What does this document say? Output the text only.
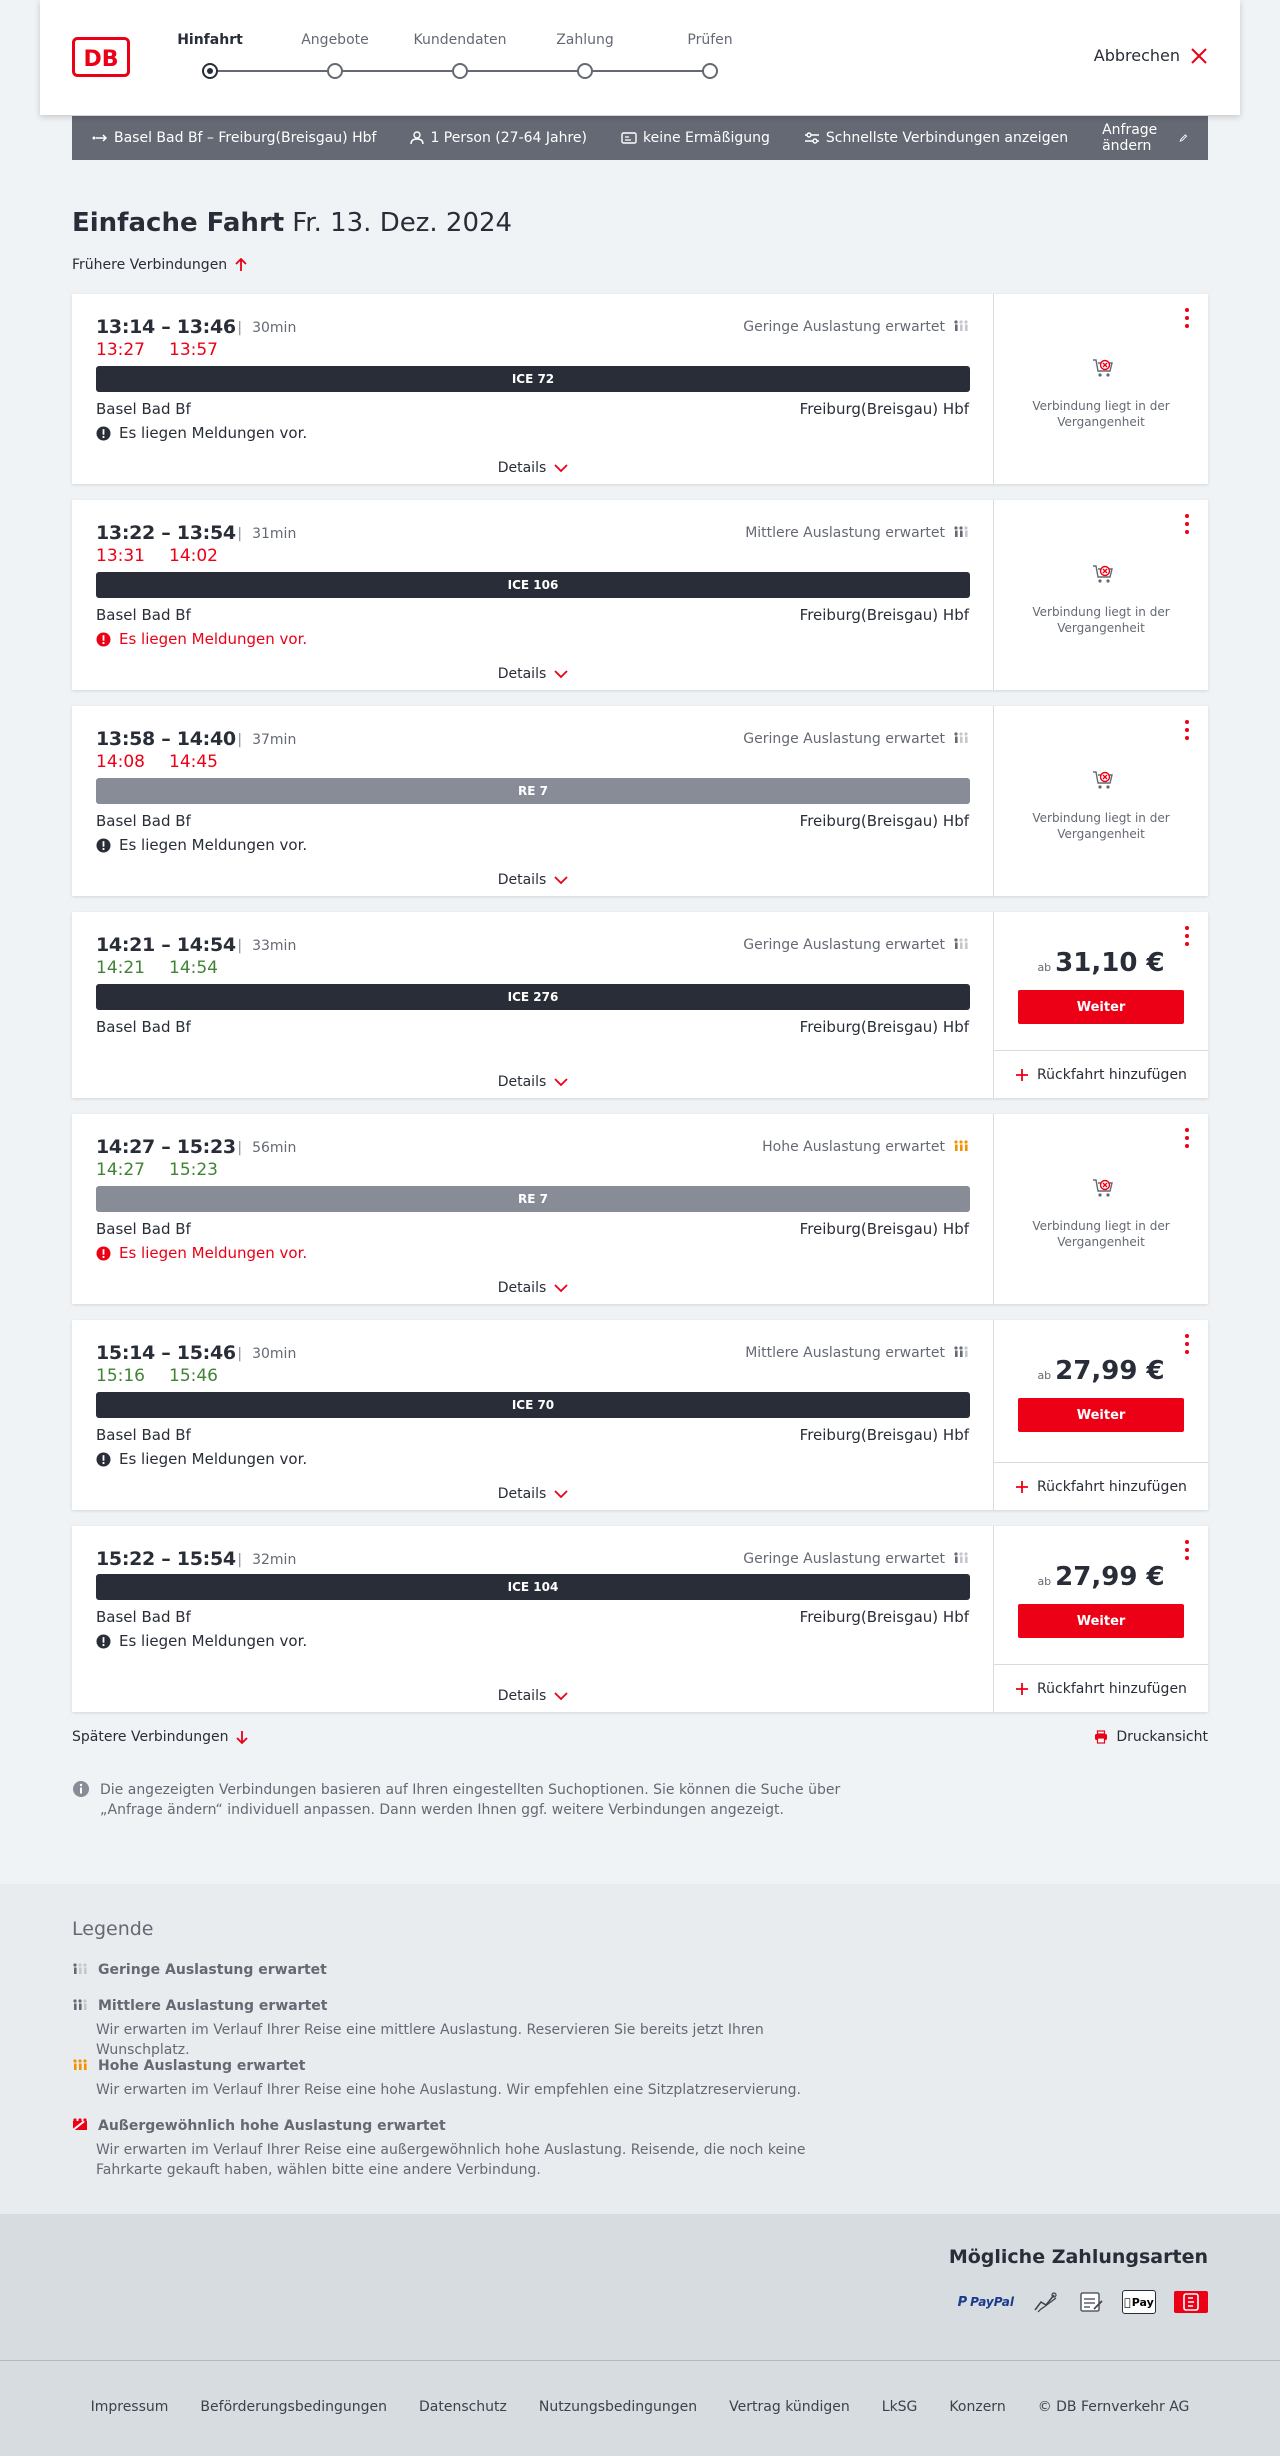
DB
Hinfahrt	Angebote	Kundendaten	Zahlung	Prüfen
Abbrechen
Basel Bad Bf – Freiburg(Breisgau) Hbf	1 Person (27-64 Jahre)	keine Ermäßigung	Schnellste Verbindungen anzeigen Anfrage ändern
Einfache Fahrt Fr. 13. Dez. 2024
Frühere Verbindungen
13:14 – 13:46	| 30min
13:27 13:57
Geringe Auslastung erwartet
ICE 72
Basel Bad Bf	Freiburg(Breisgau) Hbf
Es liegen Meldungen vor.
Details
Verbindung liegt in der Vergangenheit
13:22 – 13:54	| 31min
13:31 14:02
Mittlere Auslastung erwartet
ICE 106
Basel Bad Bf	Freiburg(Breisgau) Hbf
Es liegen Meldungen vor.
Details
Verbindung liegt in der Vergangenheit
13:58 – 14:40	| 37min
14:08 14:45
Geringe Auslastung erwartet
RE 7
Basel Bad Bf	Freiburg(Breisgau) Hbf
Es liegen Meldungen vor.
Details
Verbindung liegt in der Vergangenheit
14:21 – 14:54	| 33min
14:21 14:54
Geringe Auslastung erwartet
ICE 276
Basel Bad Bf	Freiburg(Breisgau) Hbf
Details
ab 31,10 €
Weiter
Rückfahrt hinzufügen
14:27 – 15:23	| 56min
14:27 15:23
Hohe Auslastung erwartet
RE 7
Basel Bad Bf	Freiburg(Breisgau) Hbf
Es liegen Meldungen vor.
Details
Verbindung liegt in der Vergangenheit
15:14 – 15:46	| 30min
15:16 15:46
Mittlere Auslastung erwartet
ICE 70
Basel Bad Bf	Freiburg(Breisgau) Hbf
Es liegen Meldungen vor.
Details
ab 27,99 €
Weiter
Rückfahrt hinzufügen
15:22 – 15:54	| 32min	Geringe Auslastung erwartet
ICE 104
Basel Bad Bf	Freiburg(Breisgau) Hbf
Es liegen Meldungen vor.
Details
ab 27,99 €
Weiter
Rückfahrt hinzufügen
Spätere Verbindungen	Druckansicht
Die angezeigten Verbindungen basieren auf Ihren eingestellten Suchoptionen. Sie können die Suche über „Anfrage ändern“ individuell anpassen. Dann werden Ihnen ggf. weitere Verbindungen angezeigt.
Legende
Geringe Auslastung erwartet
Mittlere Auslastung erwartet
Wir erwarten im Verlauf Ihrer Reise eine mittlere Auslastung. Reservieren Sie bereits jetzt Ihren Wunschplatz.
Hohe Auslastung erwartet
Wir erwarten im Verlauf Ihrer Reise eine hohe Auslastung. Wir empfehlen eine Sitzplatzreservierung.
Außergewöhnlich hohe Auslastung erwartet
Wir erwarten im Verlauf Ihrer Reise eine außergewöhnlich hohe Auslastung. Reisende, die noch keine Fahrkarte gekauft haben, wählen bitte eine andere Verbindung.
Mögliche Zahlungsarten
P PayPal	Pay
Impressum Beförderungsbedingungen Datenschutz Nutzungsbedingungen Vertrag kündigen LkSG Konzern © DB Fernverkehr AG
